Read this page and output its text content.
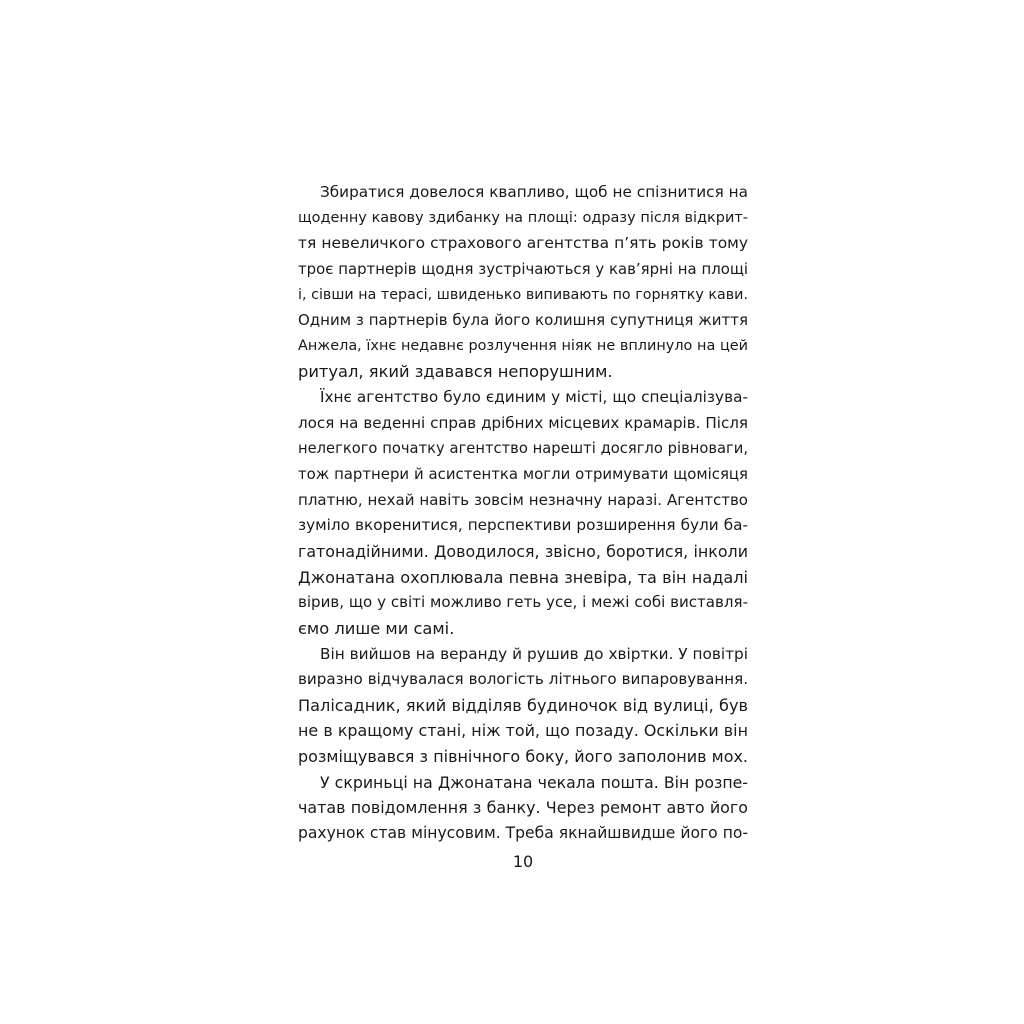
Збиратися довелося квапливо, щоб не спізнитися на
щоденну кавову здибанку на площі: одразу після відкрит-
тя невеличкого страхового агентства п’ять років тому
троє партнерів щодня зустрічаються у кав’ярні на площі
і, сівши на терасі, швиденько випивають по горнятку кави.
Одним з партнерів була його колишня супутниця життя
Анжела, їхнє недавнє розлучення ніяк не вплинуло на цей
ритуал, який здавався непорушним.
Їхнє агентство було єдиним у місті, що спеціалізува-
лося на веденні справ дрібних місцевих крамарів. Після
нелегкого початку агентство нарешті досягло рівноваги,
тож партнери й асистентка могли отримувати щомісяця
платню, нехай навіть зовсім незначну наразі. Агентство
зуміло вкоренитися, перспективи розширення були ба-
гатонадійними. Доводилося, звісно, боротися, інколи
Джонатана охоплювала певна зневіра, та він надалі
вірив, що у світі можливо геть усе, і межі собі виставля-
ємо лише ми самі.
Він вийшов на веранду й рушив до хвіртки. У повітрі
виразно відчувалася вологість літнього випаровування.
Палісадник, який відділяв будиночок від вулиці, був
не в кращому стані, ніж той, що позаду. Оскільки він
розміщувався з північного боку, його заполонив мох.
У скриньці на Джонатана чекала пошта. Він розпе-
чатав повідомлення з банку. Через ремонт авто його
рахунок став мінусовим. Треба якнайшвидше його по-
10
